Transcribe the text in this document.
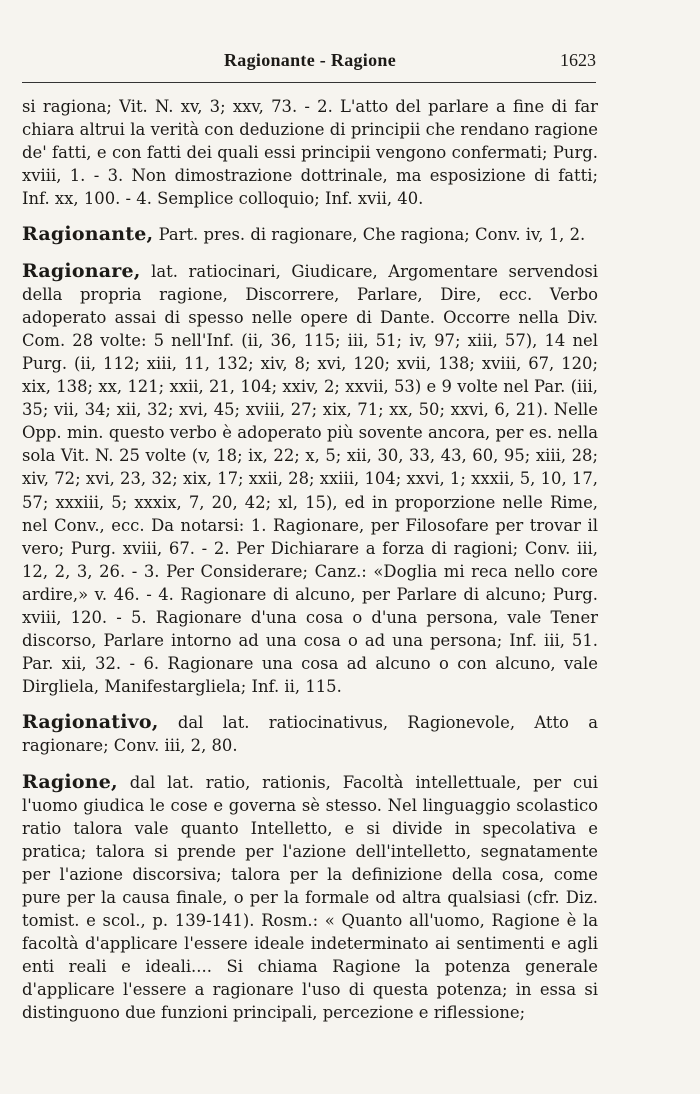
Ragionante - Ragione	1623

si ragiona; Vit. N. xv, 3; xxv, 73. - 2. L'atto del parlare a fine di far chiara altrui la verità con deduzione di principii che rendano ragione de' fatti, e con fatti dei quali essi principii vengono confermati; Purg. xviii, 1. - 3. Non dimostrazione dottrinale, ma esposizione di fatti; Inf. xx, 100. - 4. Semplice colloquio; Inf. xvii, 40.

Ragionante, Part. pres. di ragionare, Che ragiona; Conv. iv, 1, 2.

Ragionare, lat. ratiocinari, Giudicare, Argomentare servendosi della propria ragione, Discorrere, Parlare, Dire, ecc. Verbo adoperato assai di spesso nelle opere di Dante. Occorre nella Div. Com. 28 volte: 5 nell'Inf. (ii, 36, 115; iii, 51; iv, 97; xiii, 57), 14 nel Purg. (ii, 112; xiii, 11, 132; xiv, 8; xvi, 120; xvii, 138; xviii, 67, 120; xix, 138; xx, 121; xxii, 21, 104; xxiv, 2; xxvii, 53) e 9 volte nel Par. (iii, 35; vii, 34; xii, 32; xvi, 45; xviii, 27; xix, 71; xx, 50; xxvi, 6, 21). Nelle Opp. min. questo verbo è adoperato più sovente ancora, per es. nella sola Vit. N. 25 volte (v, 18; ix, 22; x, 5; xii, 30, 33, 43, 60, 95; xiii, 28; xiv, 72; xvi, 23, 32; xix, 17; xxii, 28; xxiii, 104; xxvi, 1; xxxii, 5, 10, 17, 57; xxxiii, 5; xxxix, 7, 20, 42; xl, 15), ed in proporzione nelle Rime, nel Conv., ecc. Da notarsi: 1. Ragionare, per Filosofare per trovar il vero; Purg. xviii, 67. - 2. Per Dichiarare a forza di ragioni; Conv. iii, 12, 2, 3, 26. - 3. Per Considerare; Canz.: «Doglia mi reca nello core ardire,» v. 46. - 4. Ragionare di alcuno, per Parlare di alcuno; Purg. xviii, 120. - 5. Ragionare d'una cosa o d'una persona, vale Tener discorso, Parlare intorno ad una cosa o ad una persona; Inf. iii, 51. Par. xii, 32. - 6. Ragionare una cosa ad alcuno o con alcuno, vale Dirgliela, Manifestargliela; Inf. ii, 115.

Ragionativo, dal lat. ratiocinativus, Ragionevole, Atto a ragionare; Conv. iii, 2, 80.

Ragione, dal lat. ratio, rationis, Facoltà intellettuale, per cui l'uomo giudica le cose e governa sè stesso. Nel linguaggio scolastico ratio talora vale quanto Intelletto, e si divide in specolativa e pratica; talora si prende per l'azione dell'intelletto, segnatamente per l'azione discorsiva; talora per la definizione della cosa, come pure per la causa finale, o per la formale od altra qualsiasi (cfr. Diz. tomist. e scol., p. 139-141). Rosm.: « Quanto all'uomo, Ragione è la facoltà d'applicare l'essere ideale indeterminato ai sentimenti e agli enti reali e ideali.... Si chiama Ragione la potenza generale d'applicare l'essere a ragionare l'uso di questa potenza; in essa si distinguono due funzioni principali, percezione e riflessione;
